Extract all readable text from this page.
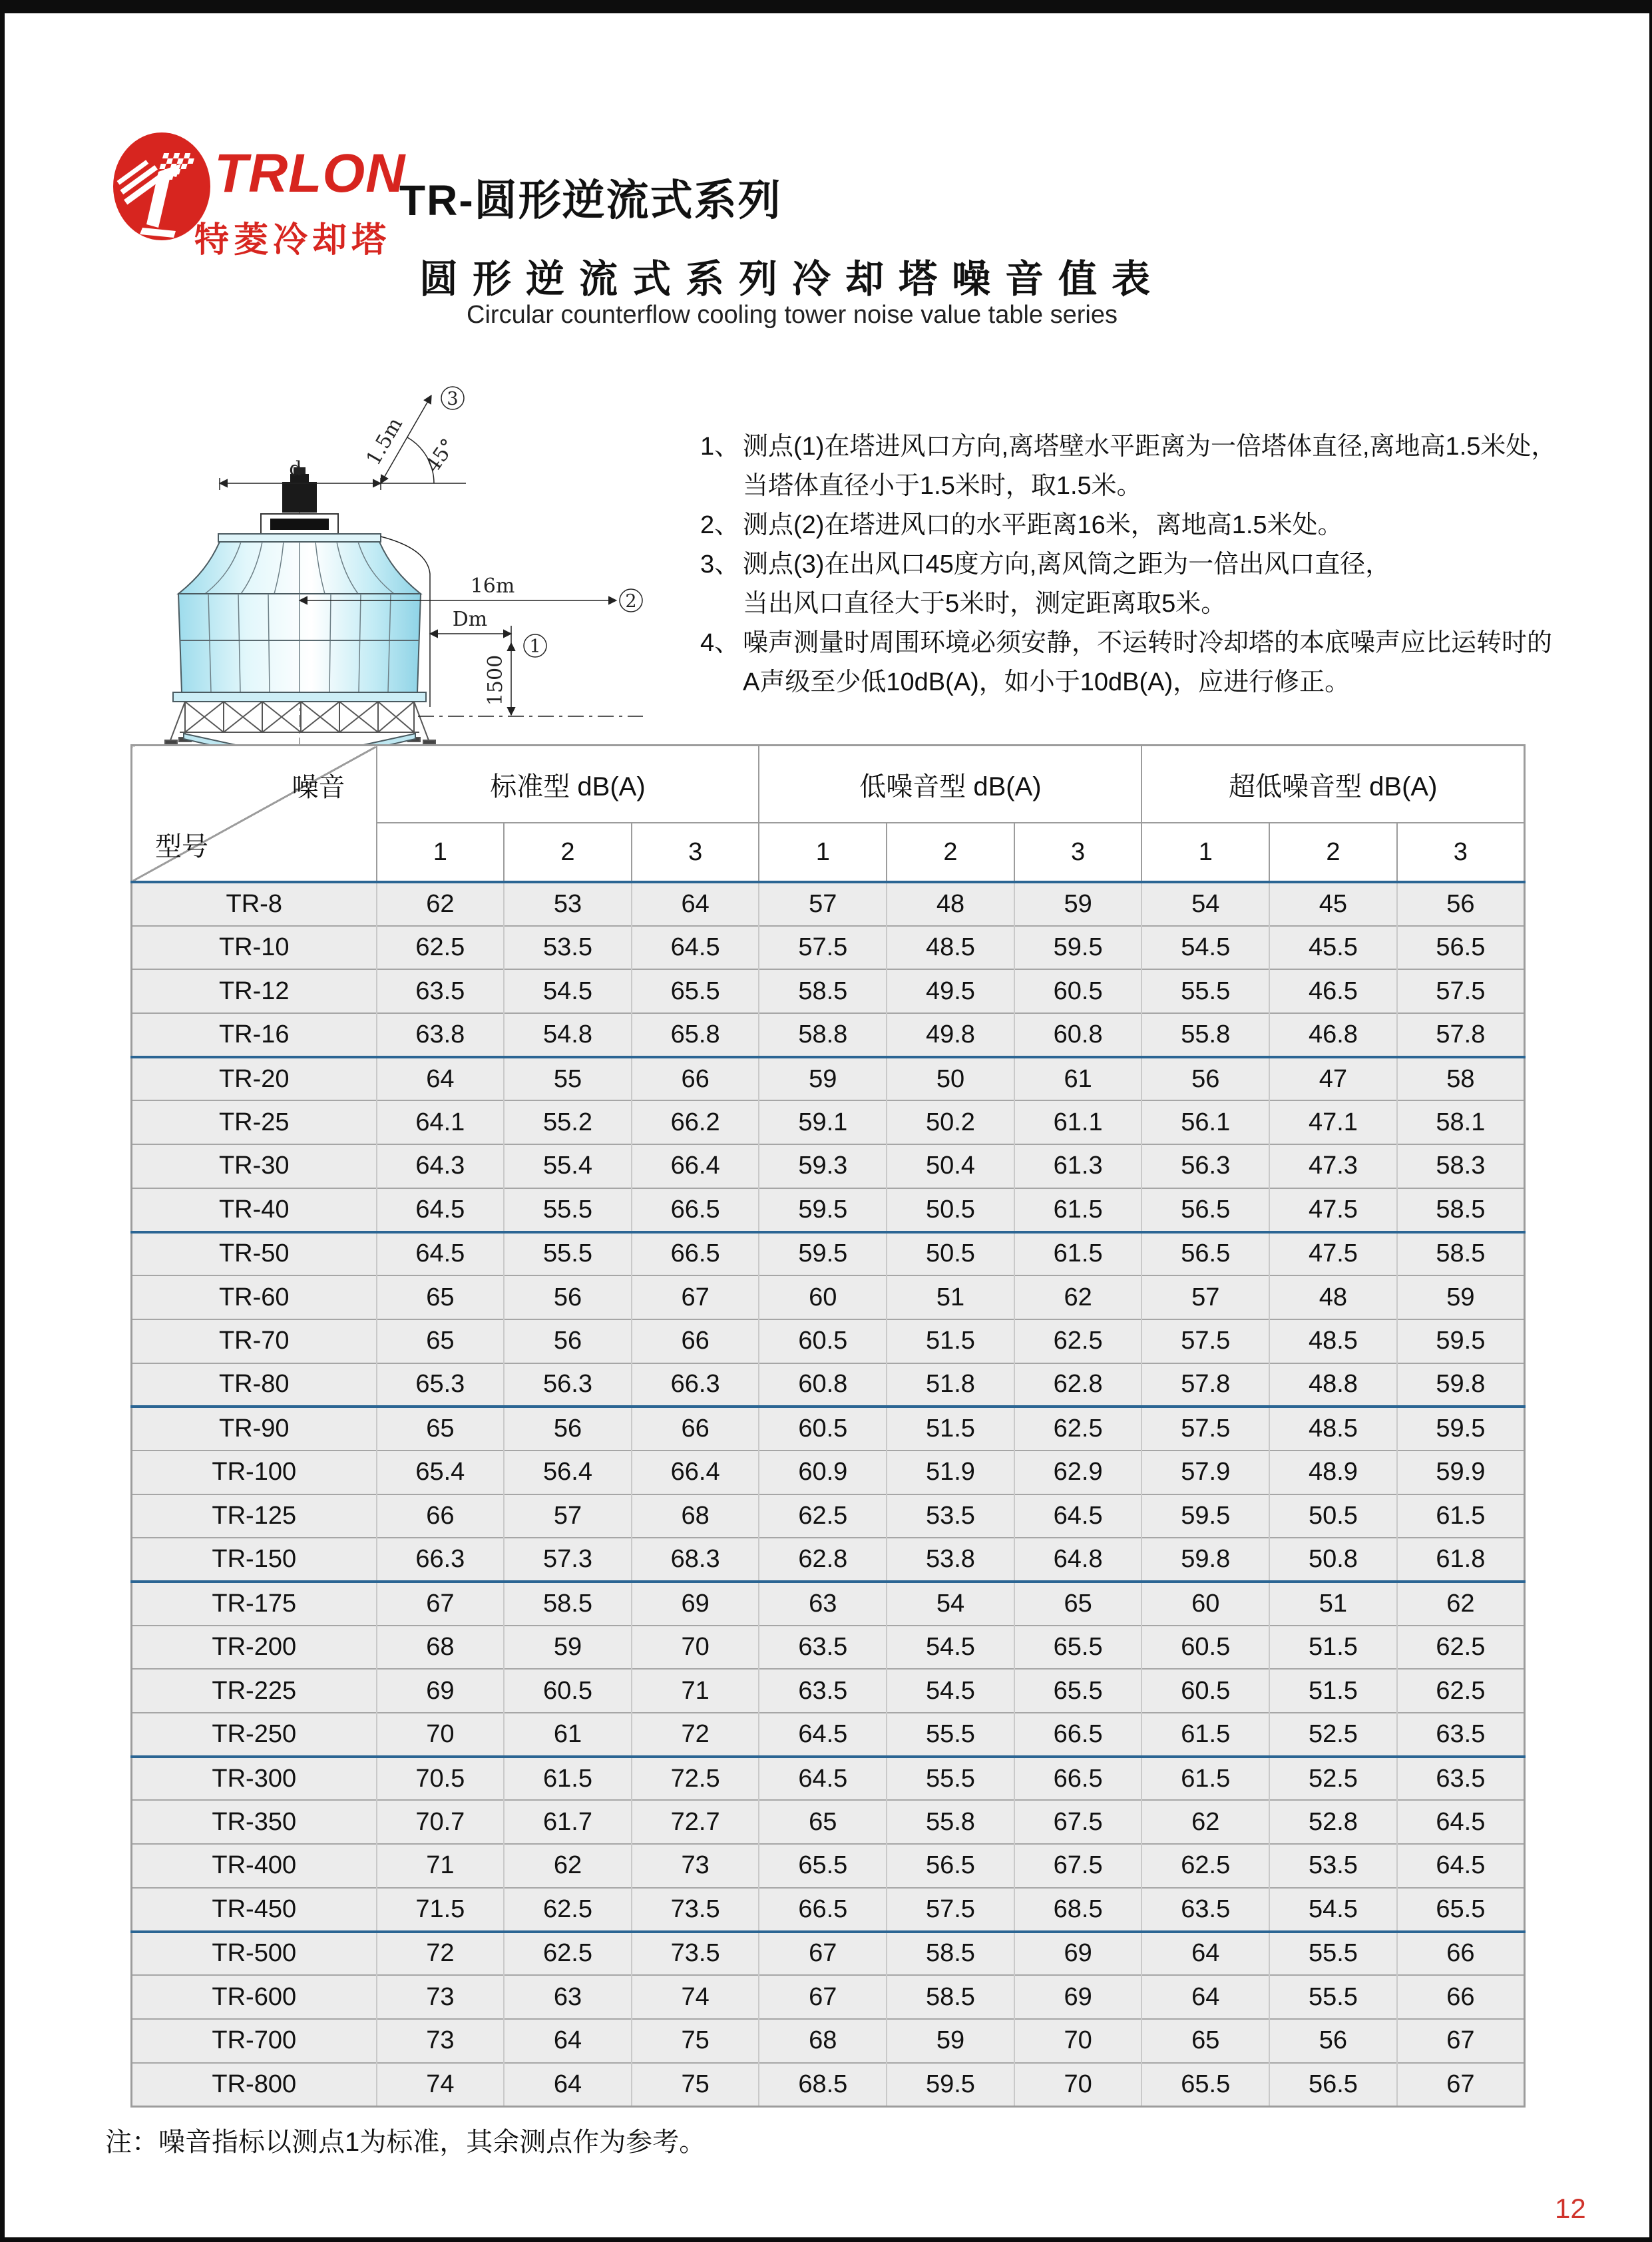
TRLON
特菱冷却塔
TR-圆形逆流式系列
圆形逆流式系列冷却塔噪音值表
Circular counterflow cooling tower noise value table series
d	1.5m 45°
3
16m
2
Dm
1
1500
1、 测点(1)在塔进风口方向,离塔壁水平距离为一倍塔体直径,离地高1.5米处，
当塔体直径小于1.5米时，取1.5米。
2、 测点(2)在塔进风口的水平距离16米，离地高1.5米处。
3、 测点(3)在出风口45度方向,离风筒之距为一倍出风口直径，
当出风口直径大于5米时，测定距离取5米。
4、 噪声测量时周围环境必须安静，不运转时冷却塔的本底噪声应比运转时的
A声级至少低10dB(A)，如小于10dB(A)，应进行修正。
噪音
型号	标准型 dB(A)			低噪音型 dB(A)			超低噪音型 dB(A)		
	1	2	3	1	2	3	1	2	3
TR-8	62	53	64	57	48	59	54	45	56
TR-10	62.5	53.5	64.5	57.5	48.5	59.5	54.5	45.5	56.5
TR-12	63.5	54.5	65.5	58.5	49.5	60.5	55.5	46.5	57.5
TR-16	63.8	54.8	65.8	58.8	49.8	60.8	55.8	46.8	57.8
TR-20	64	55	66	59	50	61	56	47	58
TR-25	64.1	55.2	66.2	59.1	50.2	61.1	56.1	47.1	58.1
TR-30	64.3	55.4	66.4	59.3	50.4	61.3	56.3	47.3	58.3
TR-40	64.5	55.5	66.5	59.5	50.5	61.5	56.5	47.5	58.5
TR-50	64.5	55.5	66.5	59.5	50.5	61.5	56.5	47.5	58.5
TR-60	65	56	67	60	51	62	57	48	59
TR-70	65	56	66	60.5	51.5	62.5	57.5	48.5	59.5
TR-80	65.3	56.3	66.3	60.8	51.8	62.8	57.8	48.8	59.8
TR-90	65	56	66	60.5	51.5	62.5	57.5	48.5	59.5
TR-100	65.4	56.4	66.4	60.9	51.9	62.9	57.9	48.9	59.9
TR-125	66	57	68	62.5	53.5	64.5	59.5	50.5	61.5
TR-150	66.3	57.3	68.3	62.8	53.8	64.8	59.8	50.8	61.8
TR-175	67	58.5	69	63	54	65	60	51	62
TR-200	68	59	70	63.5	54.5	65.5	60.5	51.5	62.5
TR-225	69	60.5	71	63.5	54.5	65.5	60.5	51.5	62.5
TR-250	70	61	72	64.5	55.5	66.5	61.5	52.5	63.5
TR-300	70.5	61.5	72.5	64.5	55.5	66.5	61.5	52.5	63.5
TR-350	70.7	61.7	72.7	65	55.8	67.5	62	52.8	64.5
TR-400	71	62	73	65.5	56.5	67.5	62.5	53.5	64.5
TR-450	71.5	62.5	73.5	66.5	57.5	68.5	63.5	54.5	65.5
TR-500	72	62.5	73.5	67	58.5	69	64	55.5	66
TR-600	73	63	74	67	58.5	69	64	55.5	66
TR-700	73	64	75	68	59	70	65	56	67
TR-800	74	64	75	68.5	59.5	70	65.5	56.5	67
注：噪音指标以测点1为标准，其余测点作为参考。
12
